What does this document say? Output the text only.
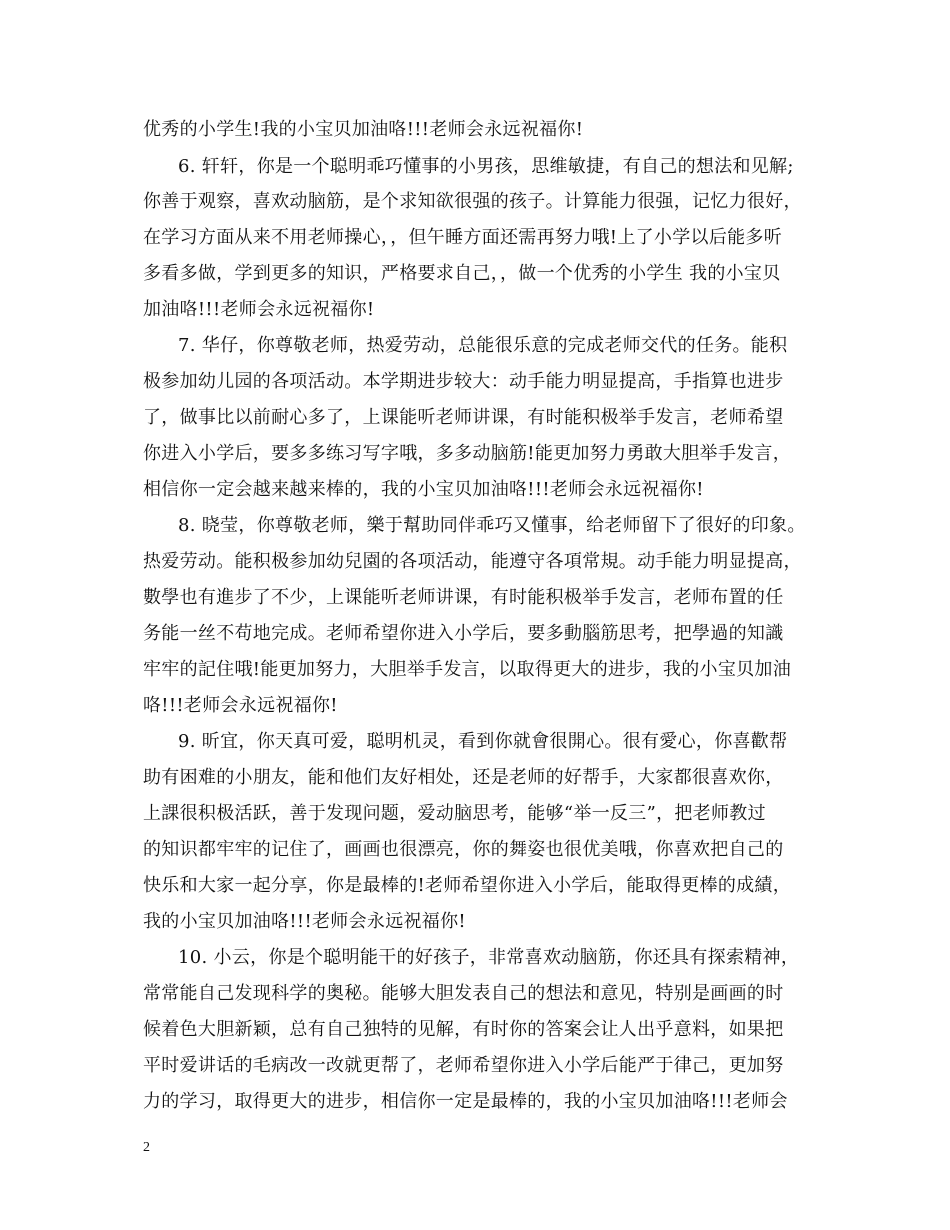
优秀的小学生!我的小宝贝加油咯!!!老师会永远祝福你!
6. 轩轩，你是一个聪明乖巧懂事的小男孩，思维敏捷，有自己的想法和见解;
你善于观察，喜欢动脑筋，是个求知欲很强的孩子。计算能力很强，记忆力很好，
在学习方面从来不用老师操心，，但午睡方面还需再努力哦!上了小学以后能多听
多看多做，学到更多的知识，严格要求自己，，做一个优秀的小学生 我的小宝贝
加油咯!!!老师会永远祝福你!
7. 华仔，你尊敬老师，热爱劳动，总能很乐意的完成老师交代的任务。能积
极参加幼儿园的各项活动。本学期进步较大：动手能力明显提高，手指算也进步
了，做事比以前耐心多了，上课能听老师讲课，有时能积极举手发言，老师希望
你进入小学后，要多多练习写字哦，多多动脑筋!能更加努力勇敢大胆举手发言，
相信你一定会越来越来棒的，我的小宝贝加油咯!!!老师会永远祝福你!
8. 晓莹，你尊敬老师，樂于幫助同伴乖巧又懂事，给老师留下了很好的印象。
热爱劳动。能积极参加幼兒園的各项活动，能遵守各項常規。动手能力明显提高，
數學也有進步了不少，上课能听老师讲课，有时能积极举手发言，老师布置的任
务能一丝不苟地完成。老师希望你进入小学后，要多動腦筋思考，把學過的知識
牢牢的記住哦!能更加努力，大胆举手发言，以取得更大的进步，我的小宝贝加油
咯!!!老师会永远祝福你!
9. 昕宜，你天真可爱，聪明机灵，看到你就會很開心。很有愛心，你喜歡帮
助有困难的小朋友，能和他们友好相处，还是老师的好帮手，大家都很喜欢你，
上課很积极活跃，善于发现问题，爱动脑思考，能够“举一反三”，把老师教过
的知识都牢牢的记住了，画画也很漂亮，你的舞姿也很优美哦，你喜欢把自己的
快乐和大家一起分享，你是最棒的!老师希望你进入小学后，能取得更棒的成績，
我的小宝贝加油咯!!!老师会永远祝福你!
10. 小云，你是个聪明能干的好孩子，非常喜欢动脑筋，你还具有探索精神，
常常能自己发现科学的奥秘。能够大胆发表自己的想法和意见，特别是画画的时
候着色大胆新颖，总有自己独特的见解，有时你的答案会让人出乎意料，如果把
平时爱讲话的毛病改一改就更帮了，老师希望你进入小学后能严于律己，更加努
力的学习，取得更大的进步，相信你一定是最棒的，我的小宝贝加油咯!!!老师会
2
